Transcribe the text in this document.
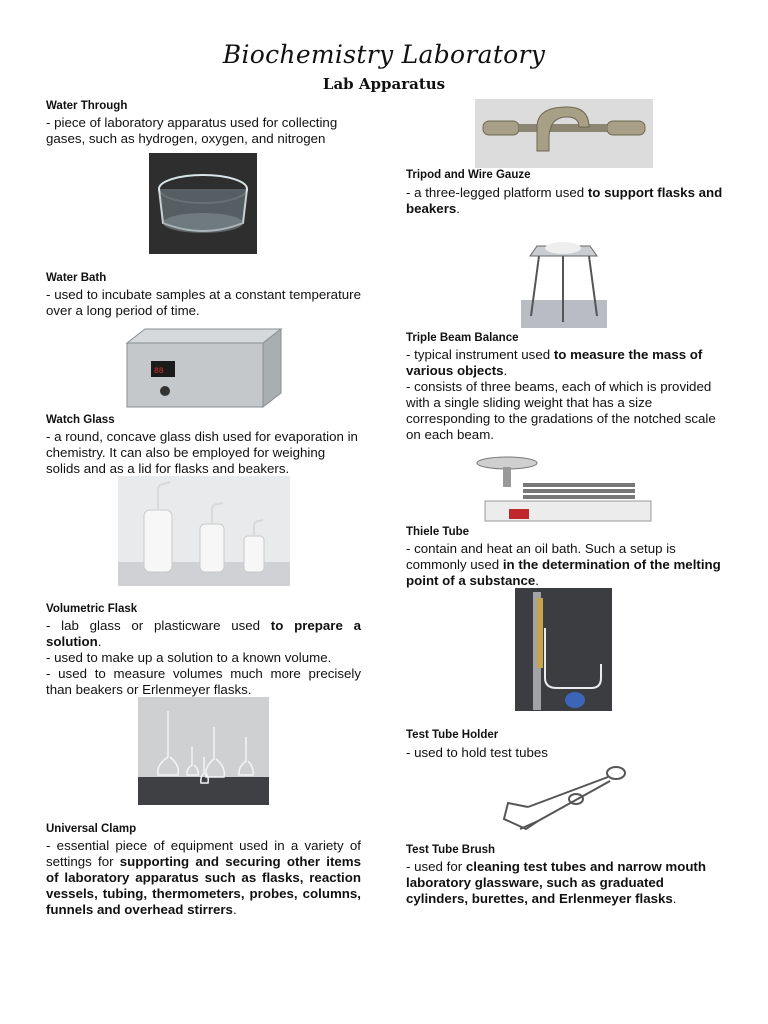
Biochemistry Laboratory
Lab Apparatus
Water Through
- piece of laboratory apparatus used for collecting gases, such as hydrogen, oxygen, and nitrogen
Water Bath
- used to incubate samples at a constant temperature over a long period of time.
88
Watch Glass
- a round, concave glass dish used for evaporation in chemistry. It can also be employed for weighing solids and as a lid for flasks and beakers.
Volumetric Flask
- lab glass or plasticware used to prepare a solution.
- used to make up a solution to a known volume.
- used to measure volumes much more precisely than beakers or Erlenmeyer flasks.
Universal Clamp
- essential piece of equipment used in a variety of settings for supporting and securing other items of laboratory apparatus such as flasks, reaction vessels, tubing, thermometers, probes, columns, funnels and overhead stirrers.
Tripod and Wire Gauze
- a three-legged platform used to support flasks and beakers.
Triple Beam Balance
- typical instrument used to measure the mass of various objects.
- consists of three beams, each of which is provided with a single sliding weight that has a size corresponding to the gradations of the notched scale on each beam.
Thiele Tube
- contain and heat an oil bath. Such a setup is commonly used in the determination of the melting point of a substance.
Test Tube Holder
- used to hold test tubes
Test Tube Brush
- used for cleaning test tubes and narrow mouth laboratory glassware, such as graduated cylinders, burettes, and Erlenmeyer flasks.
